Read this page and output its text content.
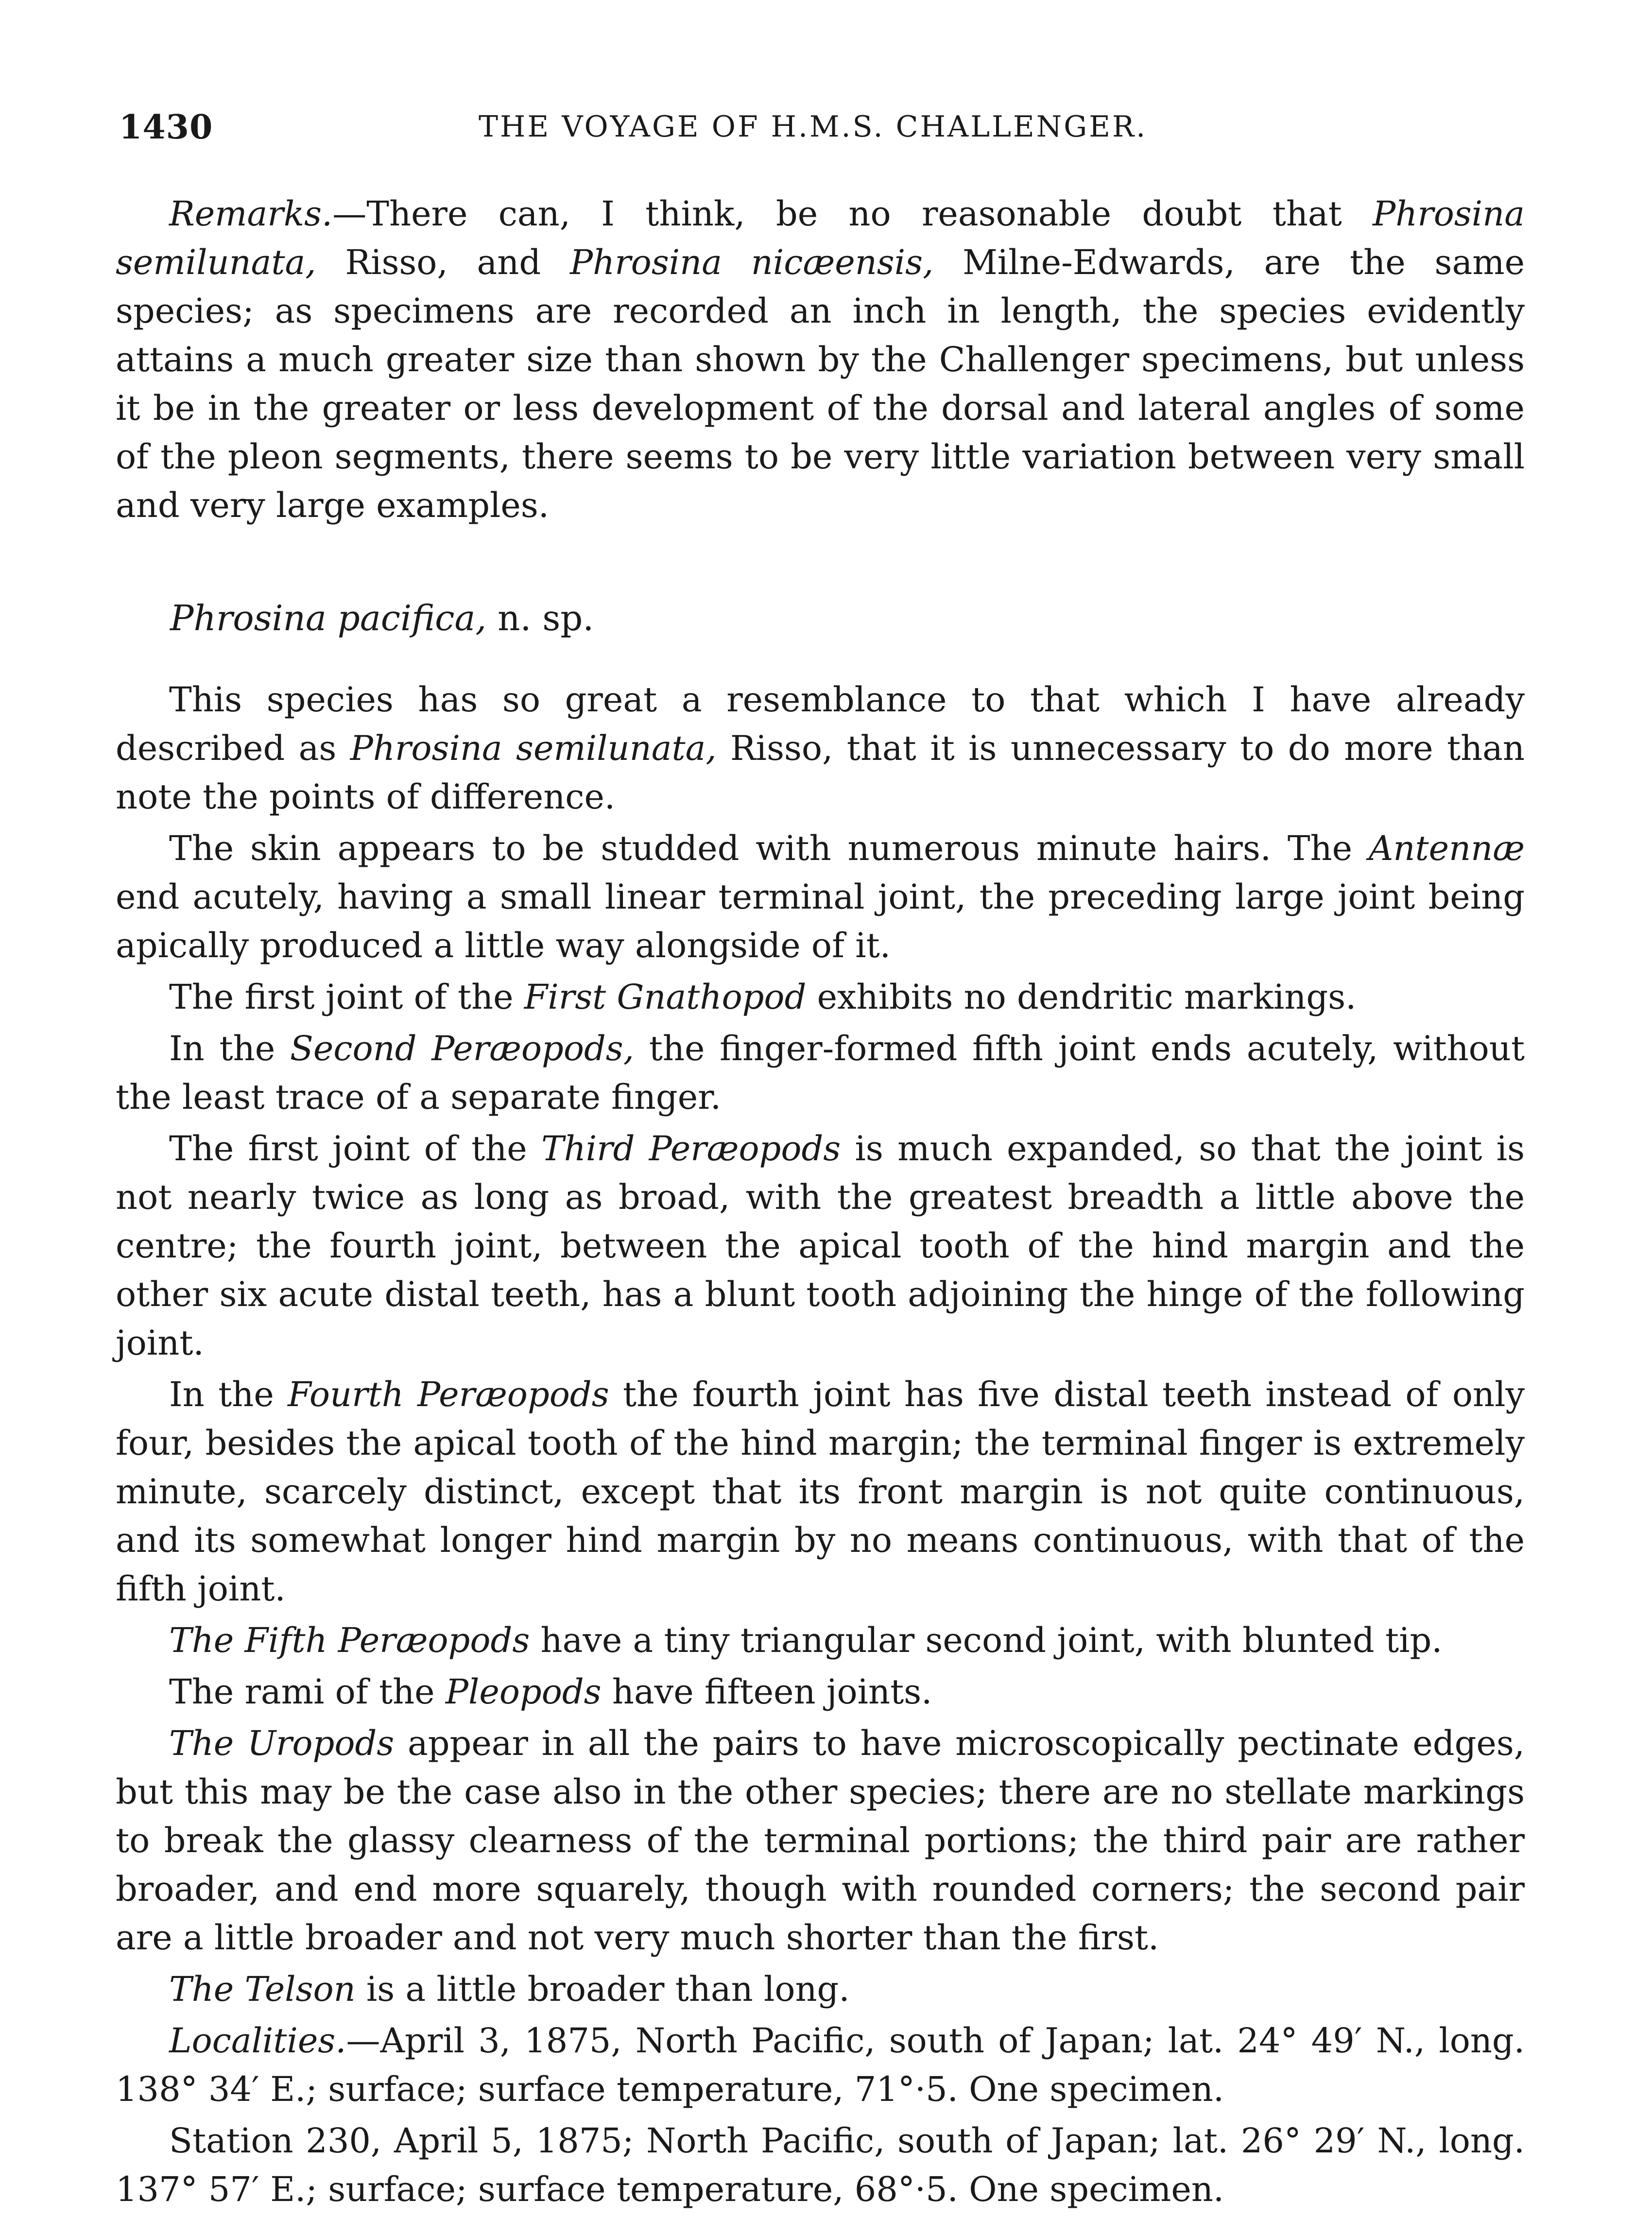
1430	THE VOYAGE OF H.M.S. CHALLENGER.

Remarks.—There can, I think, be no reasonable doubt that Phrosina semilunata, Risso, and Phrosina nicæensis, Milne-Edwards, are the same species; as specimens are recorded an inch in length, the species evidently attains a much greater size than shown by the Challenger specimens, but unless it be in the greater or less development of the dorsal and lateral angles of some of the pleon segments, there seems to be very little variation between very small and very large examples.

Phrosina pacifica, n. sp.

This species has so great a resemblance to that which I have already described as Phrosina semilunata, Risso, that it is unnecessary to do more than note the points of difference.

The skin appears to be studded with numerous minute hairs. The Antennæ end acutely, having a small linear terminal joint, the preceding large joint being apically produced a little way alongside of it.

The first joint of the First Gnathopod exhibits no dendritic markings.

In the Second Peræopods, the finger-formed fifth joint ends acutely, without the least trace of a separate finger.

The first joint of the Third Peræopods is much expanded, so that the joint is not nearly twice as long as broad, with the greatest breadth a little above the centre; the fourth joint, between the apical tooth of the hind margin and the other six acute distal teeth, has a blunt tooth adjoining the hinge of the following joint.

In the Fourth Peræopods the fourth joint has five distal teeth instead of only four, besides the apical tooth of the hind margin; the terminal finger is extremely minute, scarcely distinct, except that its front margin is not quite continuous, and its somewhat longer hind margin by no means continuous, with that of the fifth joint.

The Fifth Peræopods have a tiny triangular second joint, with blunted tip.

The rami of the Pleopods have fifteen joints.

The Uropods appear in all the pairs to have microscopically pectinate edges, but this may be the case also in the other species; there are no stellate markings to break the glassy clearness of the terminal portions; the third pair are rather broader, and end more squarely, though with rounded corners; the second pair are a little broader and not very much shorter than the first.

The Telson is a little broader than long.

Localities.—April 3, 1875, North Pacific, south of Japan; lat. 24° 49′ N., long. 138° 34′ E.; surface; surface temperature, 71°·5. One specimen.

Station 230, April 5, 1875; North Pacific, south of Japan; lat. 26° 29′ N., long. 137° 57′ E.; surface; surface temperature, 68°·5. One specimen.
